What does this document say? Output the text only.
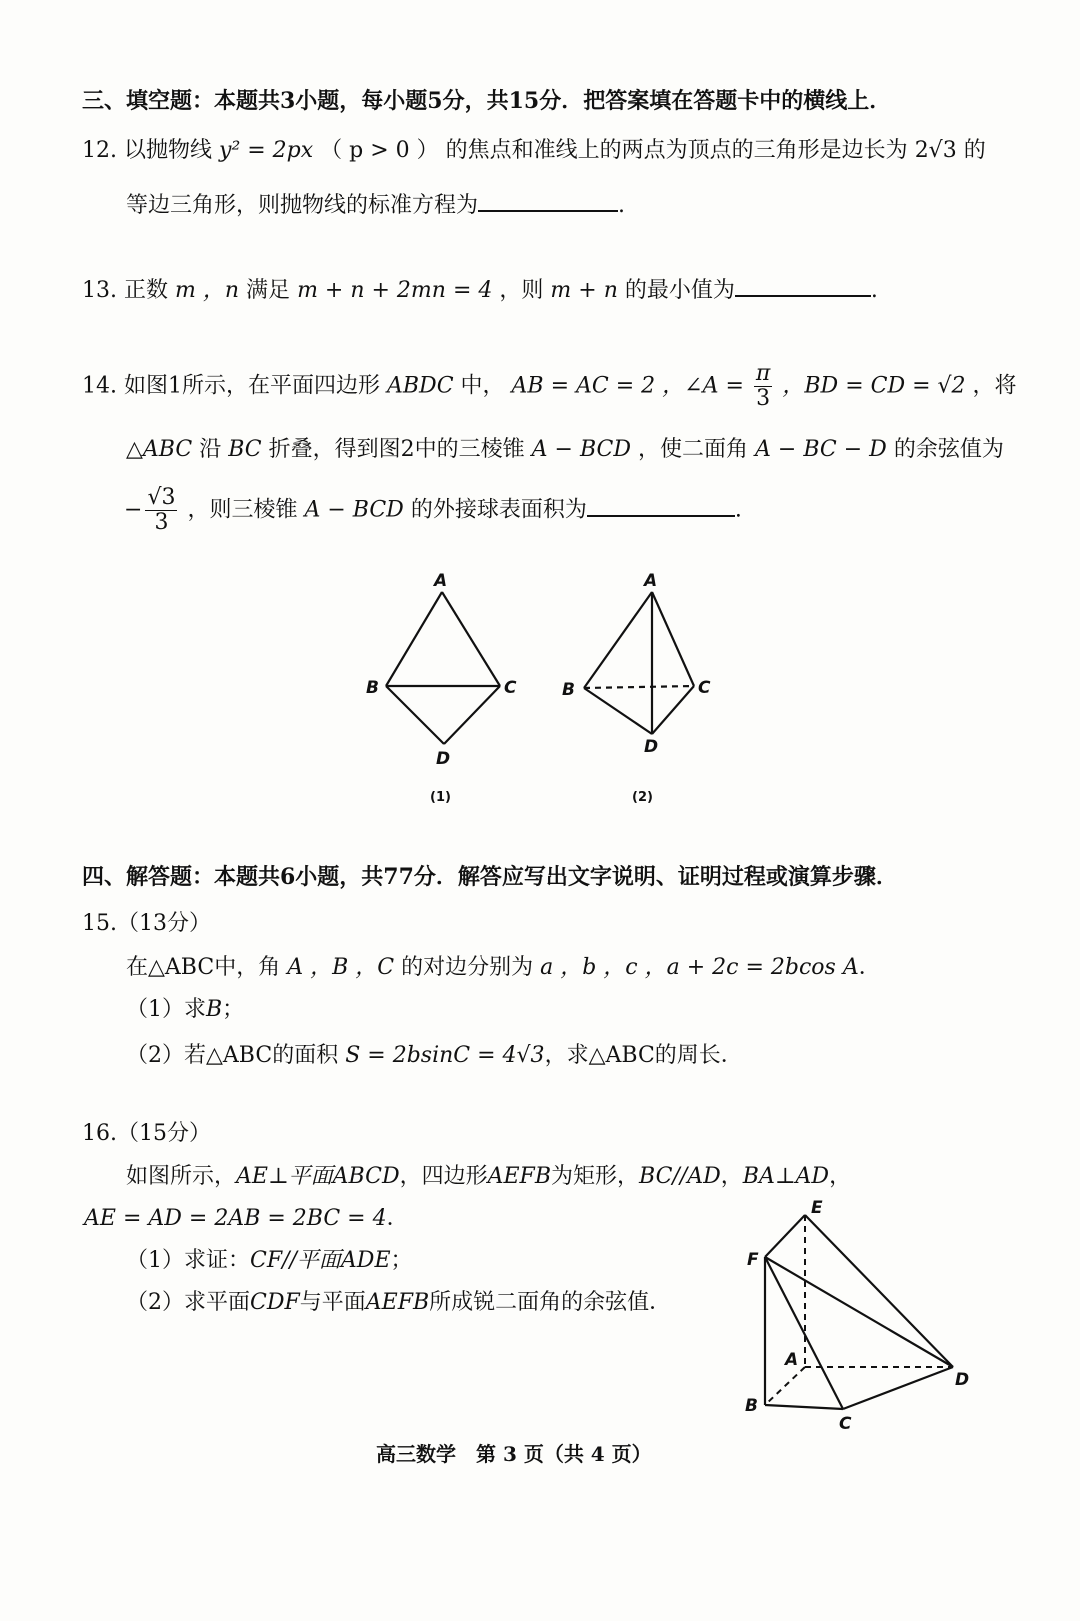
三、填空题：本题共3小题，每小题5分，共15分．把答案填在答题卡中的横线上．
12. 以抛物线 y² = 2px （ p > 0 ） 的焦点和准线上的两点为顶点的三角形是边长为 2√3 的
等边三角形，则抛物线的标准方程为	.
13. 正数 m ，n 满足 m + n + 2mn = 4 ，则 m + n 的最小值为	.
14. 如图1所示，在平面四边形 ABDC 中， AB = AC = 2 ，∠A = $\frac{\pi}{3}$ ，BD = CD = √2 ，将
△ABC 沿 BC 折叠，得到图2中的三棱锥 A − BCD ，使二面角 A − BC − D 的余弦值为
− $\frac{√3}{3}$ ，则三棱锥 A − BCD 的外接球表面积为	.
A
B	C
D
(1)
A
B	C
D
(2)
四、解答题：本题共6小题，共77分．解答应写出文字说明、证明过程或演算步骤．
15.（13分）
在△ABC中，角 A ，B ，C 的对边分别为 a ，b ，c ，a + 2c = 2bcos A．
（1）求B；
（2）若△ABC的面积 S = 2bsinC = 4√3，求△ABC的周长．
16.（15分）
如图所示，AE⊥平面ABCD，四边形AEFB为矩形，BC//AD，BA⊥AD，
AE = AD = 2AB = 2BC = 4．
（1）求证：CF//平面ADE；
（2）求平面CDF与平面AEFB所成锐二面角的余弦值．
E
F
A
B
C
D
高三数学　第 3 页（共 4 页）
